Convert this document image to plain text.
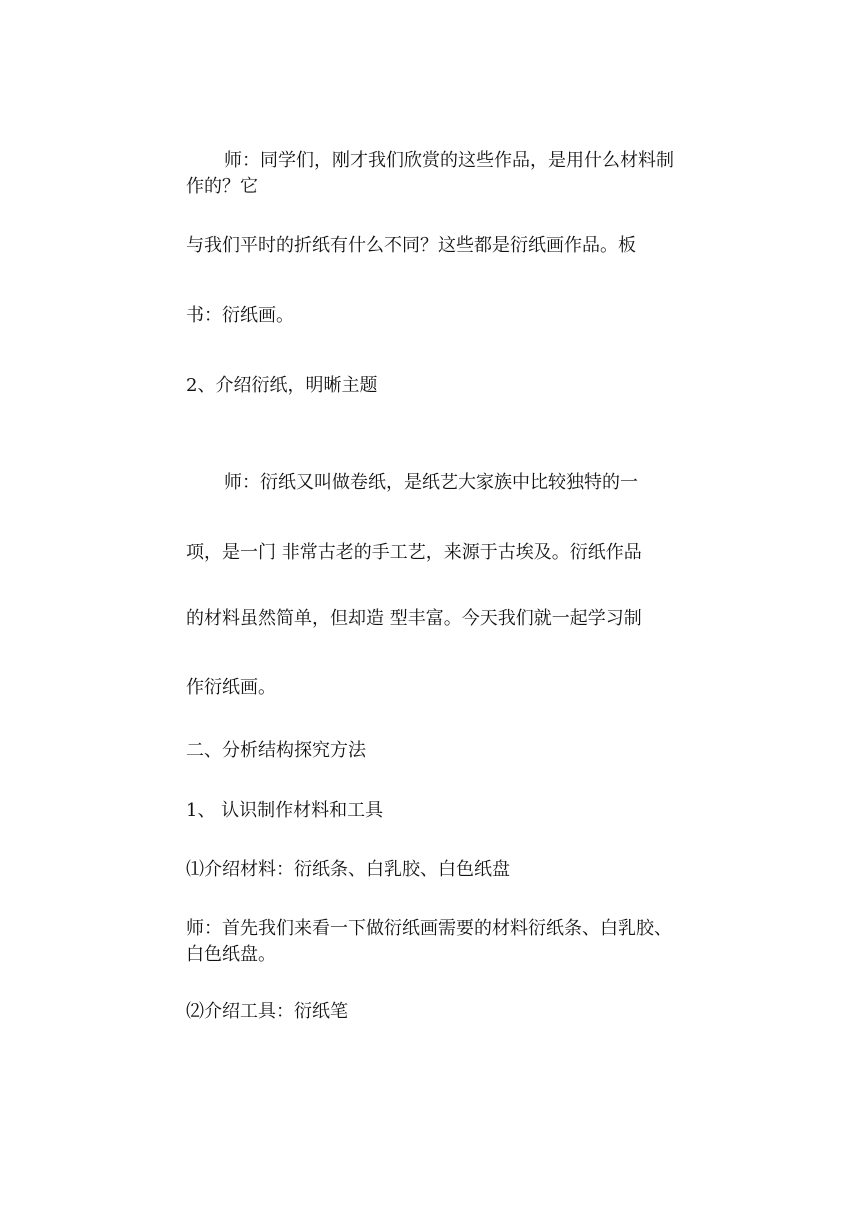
师：同学们，刚才我们欣赏的这些作品，是用什么材料制作的？它

与我们平时的折纸有什么不同？这些都是衍纸画作品。板

书：衍纸画。

2、介绍衍纸，明晰主题

师：衍纸又叫做卷纸，是纸艺大家族中比较独特的一

项，是一门 非常古老的手工艺，来源于古埃及。衍纸作品

的材料虽然简单，但却造 型丰富。今天我们就一起学习制

作衍纸画。

二、分析结构探究方法

1、 认识制作材料和工具

⑴介绍材料：衍纸条、白乳胶、白色纸盘

师：首先我们来看一下做衍纸画需要的材料衍纸条、白乳胶、白色纸盘。

⑵介绍工具：衍纸笔
